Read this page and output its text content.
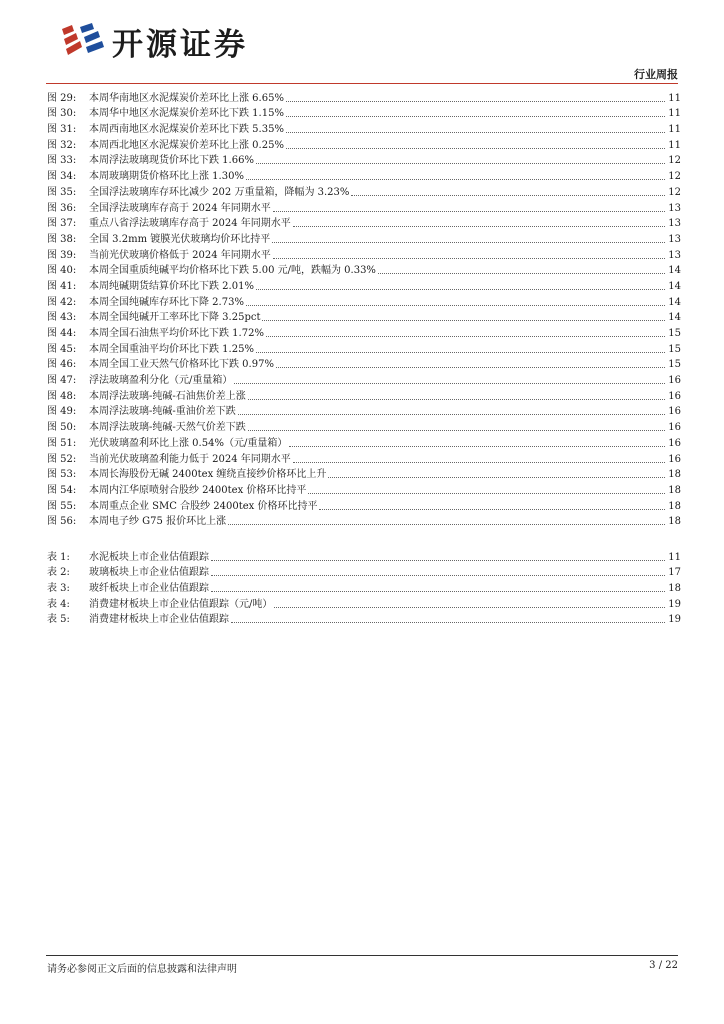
开源证券
行业周报
图 29:	本周华南地区水泥煤炭价差环比上涨 6.65%	11
图 30:	本周华中地区水泥煤炭价差环比下跌 1.15%	11
图 31:	本周西南地区水泥煤炭价差环比下跌 5.35%	11
图 32:	本周西北地区水泥煤炭价差环比上涨 0.25%	11
图 33:	本周浮法玻璃现货价环比下跌 1.66%	12
图 34:	本周玻璃期货价格环比上涨 1.30%	12
图 35:	全国浮法玻璃库存环比减少 202 万重量箱，降幅为 3.23%	12
图 36:	全国浮法玻璃库存高于 2024 年同期水平	13
图 37:	重点八省浮法玻璃库存高于 2024 年同期水平	13
图 38:	全国 3.2mm 镀膜光伏玻璃均价环比持平	13
图 39:	当前光伏玻璃价格低于 2024 年同期水平	13
图 40:	本周全国重质纯碱平均价格环比下跌 5.00 元/吨，跌幅为 0.33%	14
图 41:	本周纯碱期货结算价环比下跌 2.01%	14
图 42:	本周全国纯碱库存环比下降 2.73%	14
图 43:	本周全国纯碱开工率环比下降 3.25pct	14
图 44:	本周全国石油焦平均价环比下跌 1.72%	15
图 45:	本周全国重油平均价环比下跌 1.25%	15
图 46:	本周全国工业天然气价格环比下跌 0.97%	15
图 47:	浮法玻璃盈利分化（元/重量箱）	16
图 48:	本周浮法玻璃-纯碱-石油焦价差上涨	16
图 49:	本周浮法玻璃-纯碱-重油价差下跌	16
图 50:	本周浮法玻璃-纯碱-天然气价差下跌	16
图 51:	光伏玻璃盈利环比上涨 0.54%（元/重量箱）	16
图 52:	当前光伏玻璃盈利能力低于 2024 年同期水平	16
图 53:	本周长海股份无碱 2400tex 缠绕直接纱价格环比上升	18
图 54:	本周内江华原喷射合股纱 2400tex 价格环比持平	18
图 55:	本周重点企业 SMC 合股纱 2400tex 价格环比持平	18
图 56:	本周电子纱 G75 报价环比上涨	18
表 1:	水泥板块上市企业估值跟踪	11
表 2:	玻璃板块上市企业估值跟踪	17
表 3:	玻纤板块上市企业估值跟踪	18
表 4:	消费建材板块上市企业估值跟踪（元/吨）	19
表 5:	消费建材板块上市企业估值跟踪	19
请务必参阅正文后面的信息披露和法律声明	3 / 22
